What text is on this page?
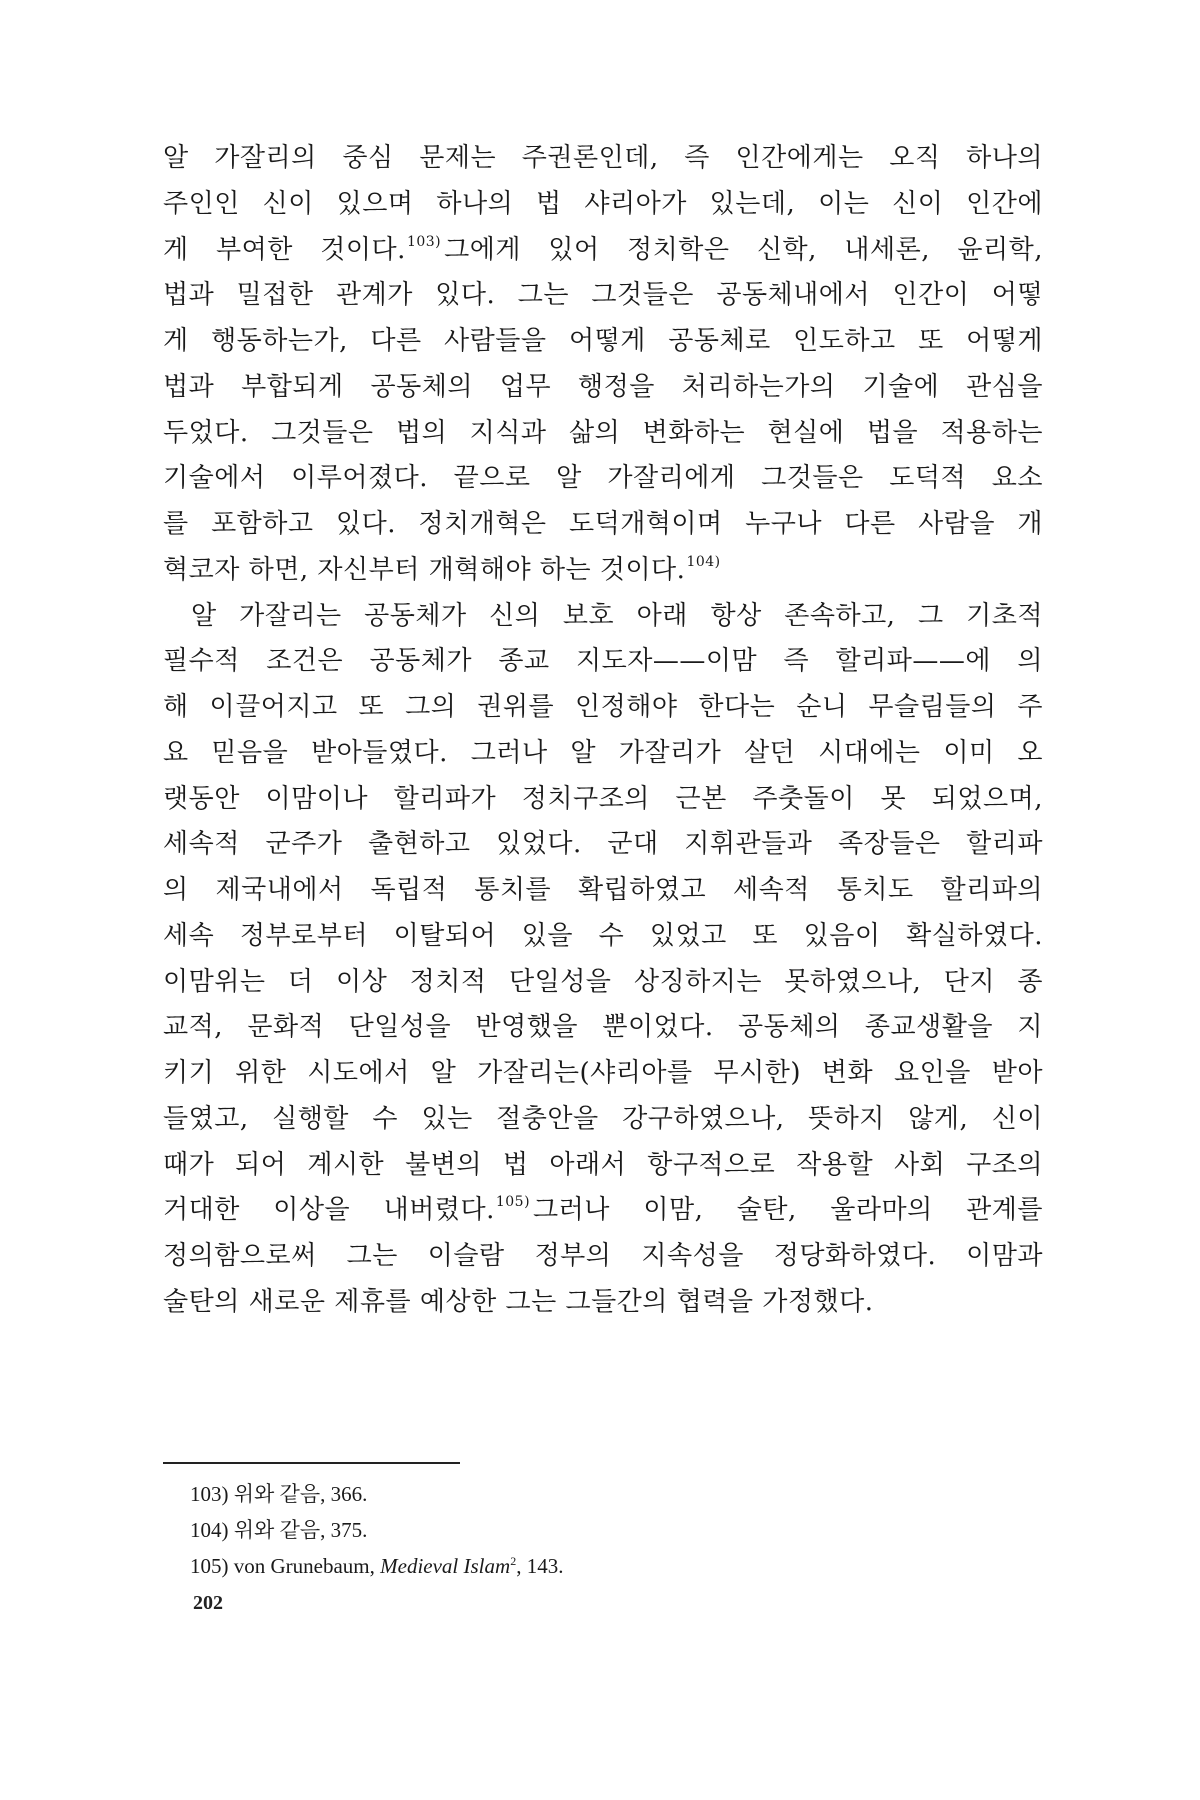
알 가잘리의 중심 문제는 주권론인데, 즉 인간에게는 오직 하나의
주인인 신이 있으며 하나의 법 샤리아가 있는데, 이는 신이 인간에
게 부여한 것이다.$^{103)}$ 그에게 있어 정치학은 신학, 내세론, 윤리학,
법과 밀접한 관계가 있다. 그는 그것들은 공동체내에서 인간이 어떻
게 행동하는가, 다른 사람들을 어떻게 공동체로 인도하고 또 어떻게
법과 부합되게 공동체의 업무 행정을 처리하는가의 기술에 관심을
두었다. 그것들은 법의 지식과 삶의 변화하는 현실에 법을 적용하는
기술에서 이루어졌다. 끝으로 알 가잘리에게 그것들은 도덕적 요소
를 포함하고 있다. 정치개혁은 도덕개혁이며 누구나 다른 사람을 개
혁코자 하면, 자신부터 개혁해야 하는 것이다.$^{104)}$
알 가잘리는 공동체가 신의 보호 아래 항상 존속하고, 그 기초적
필수적 조건은 공동체가 종교 지도자——이맘 즉 할리파——에 의
해 이끌어지고 또 그의 권위를 인정해야 한다는 순니 무슬림들의 주
요 믿음을 받아들였다. 그러나 알 가잘리가 살던 시대에는 이미 오
랫동안 이맘이나 할리파가 정치구조의 근본 주춧돌이 못 되었으며,
세속적 군주가 출현하고 있었다. 군대 지휘관들과 족장들은 할리파
의 제국내에서 독립적 통치를 확립하였고 세속적 통치도 할리파의
세속 정부로부터 이탈되어 있을 수 있었고 또 있음이 확실하였다.
이맘위는 더 이상 정치적 단일성을 상징하지는 못하였으나, 단지 종
교적, 문화적 단일성을 반영했을 뿐이었다. 공동체의 종교생활을 지
키기 위한 시도에서 알 가잘리는(샤리아를 무시한) 변화 요인을 받아
들였고, 실행할 수 있는 절충안을 강구하였으나, 뜻하지 않게, 신이
때가 되어 계시한 불변의 법 아래서 항구적으로 작용할 사회 구조의
거대한 이상을 내버렸다.$^{105)}$ 그러나 이맘, 술탄, 울라마의 관계를
정의함으로써 그는 이슬람 정부의 지속성을 정당화하였다. 이맘과
술탄의 새로운 제휴를 예상한 그는 그들간의 협력을 가정했다.
103) 위와 같음, 366.
104) 위와 같음, 375.
105) von Grunebaum, Medieval Islam$^2$, 143.
202
